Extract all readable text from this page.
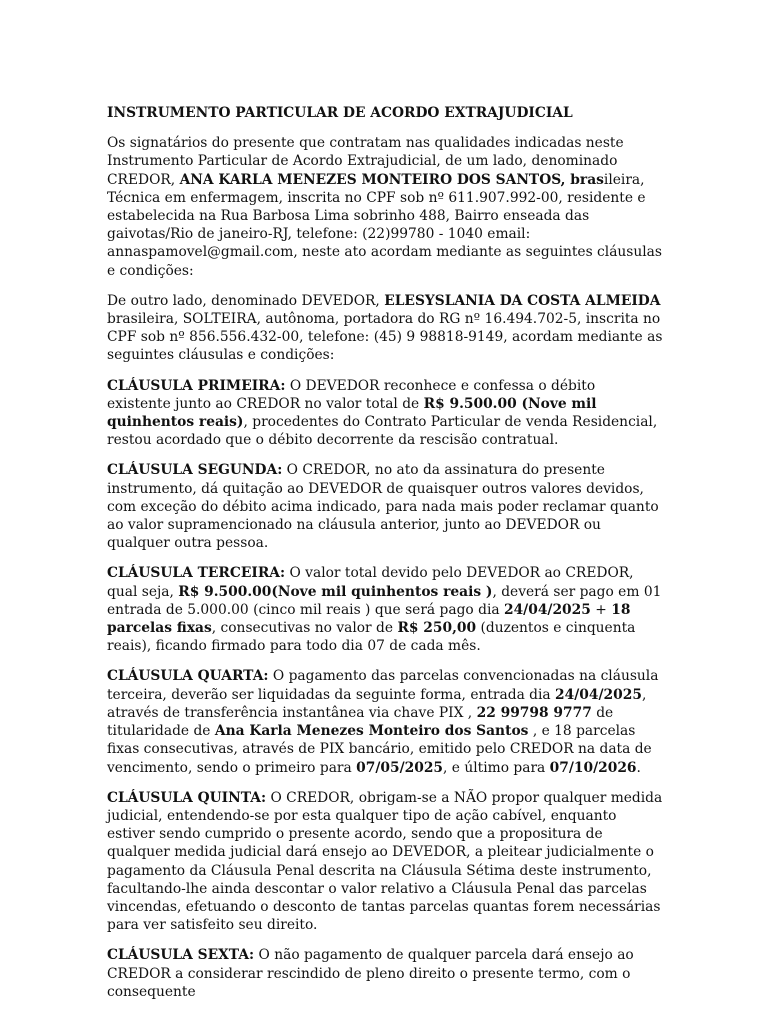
INSTRUMENTO PARTICULAR DE ACORDO EXTRAJUDICIAL

Os signatários do presente que contratam nas qualidades indicadas neste Instrumento Particular de Acordo Extrajudicial, de um lado, denominado CREDOR, ANA KARLA MENEZES MONTEIRO DOS SANTOS, brasileira, Técnica em enfermagem, inscrita no CPF sob nº 611.907.992-00, residente e estabelecida na Rua Barbosa Lima sobrinho 488, Bairro enseada das gaivotas/Rio de janeiro-RJ, telefone: (22)99780 - 1040 email: annaspamovel@gmail.com, neste ato acordam mediante as seguintes cláusulas e condições:

De outro lado, denominado DEVEDOR, ELESYSLANIA DA COSTA ALMEIDA brasileira, SOLTEIRA, autônoma, portadora do RG nº 16.494.702-5, inscrita no CPF sob nº 856.556.432-00, telefone: (45) 9 98818-9149, acordam mediante as seguintes cláusulas e condições:

CLÁUSULA PRIMEIRA: O DEVEDOR reconhece e confessa o débito existente junto ao CREDOR no valor total de R$ 9.500.00 (Nove mil quinhentos reais), procedentes do Contrato Particular de venda Residencial, restou acordado que o débito decorrente da rescisão contratual.

CLÁUSULA SEGUNDA: O CREDOR, no ato da assinatura do presente instrumento, dá quitação ao DEVEDOR de quaisquer outros valores devidos, com exceção do débito acima indicado, para nada mais poder reclamar quanto ao valor supramencionado na cláusula anterior, junto ao DEVEDOR ou qualquer outra pessoa.

CLÁUSULA TERCEIRA: O valor total devido pelo DEVEDOR ao CREDOR, qual seja, R$ 9.500.00(Nove mil quinhentos reais ), deverá ser pago em 01 entrada de 5.000.00 (cinco mil reais ) que será pago dia 24/04/2025 + 18 parcelas fixas, consecutivas no valor de R$ 250,00 (duzentos e cinquenta reais), ficando firmado para todo dia 07 de cada mês.

CLÁUSULA QUARTA: O pagamento das parcelas convencionadas na cláusula terceira, deverão ser liquidadas da seguinte forma, entrada dia 24/04/2025, através de transferência instantânea via chave PIX , 22 99798 9777 de titularidade de Ana Karla Menezes Monteiro dos Santos , e 18 parcelas fixas consecutivas, através de PIX bancário, emitido pelo CREDOR na data de vencimento, sendo o primeiro para 07/05/2025, e último para 07/10/2026.

CLÁUSULA QUINTA: O CREDOR, obrigam-se a NÃO propor qualquer medida judicial, entendendo-se por esta qualquer tipo de ação cabível, enquanto estiver sendo cumprido o presente acordo, sendo que a propositura de qualquer medida judicial dará ensejo ao DEVEDOR, a pleitear judicialmente o pagamento da Cláusula Penal descrita na Cláusula Sétima deste instrumento, facultando-lhe ainda descontar o valor relativo a Cláusula Penal das parcelas vincendas, efetuando o desconto de tantas parcelas quantas forem necessárias para ver satisfeito seu direito.

CLÁUSULA SEXTA: O não pagamento de qualquer parcela dará ensejo ao CREDOR a considerar rescindido de pleno direito o presente termo, com o consequente
